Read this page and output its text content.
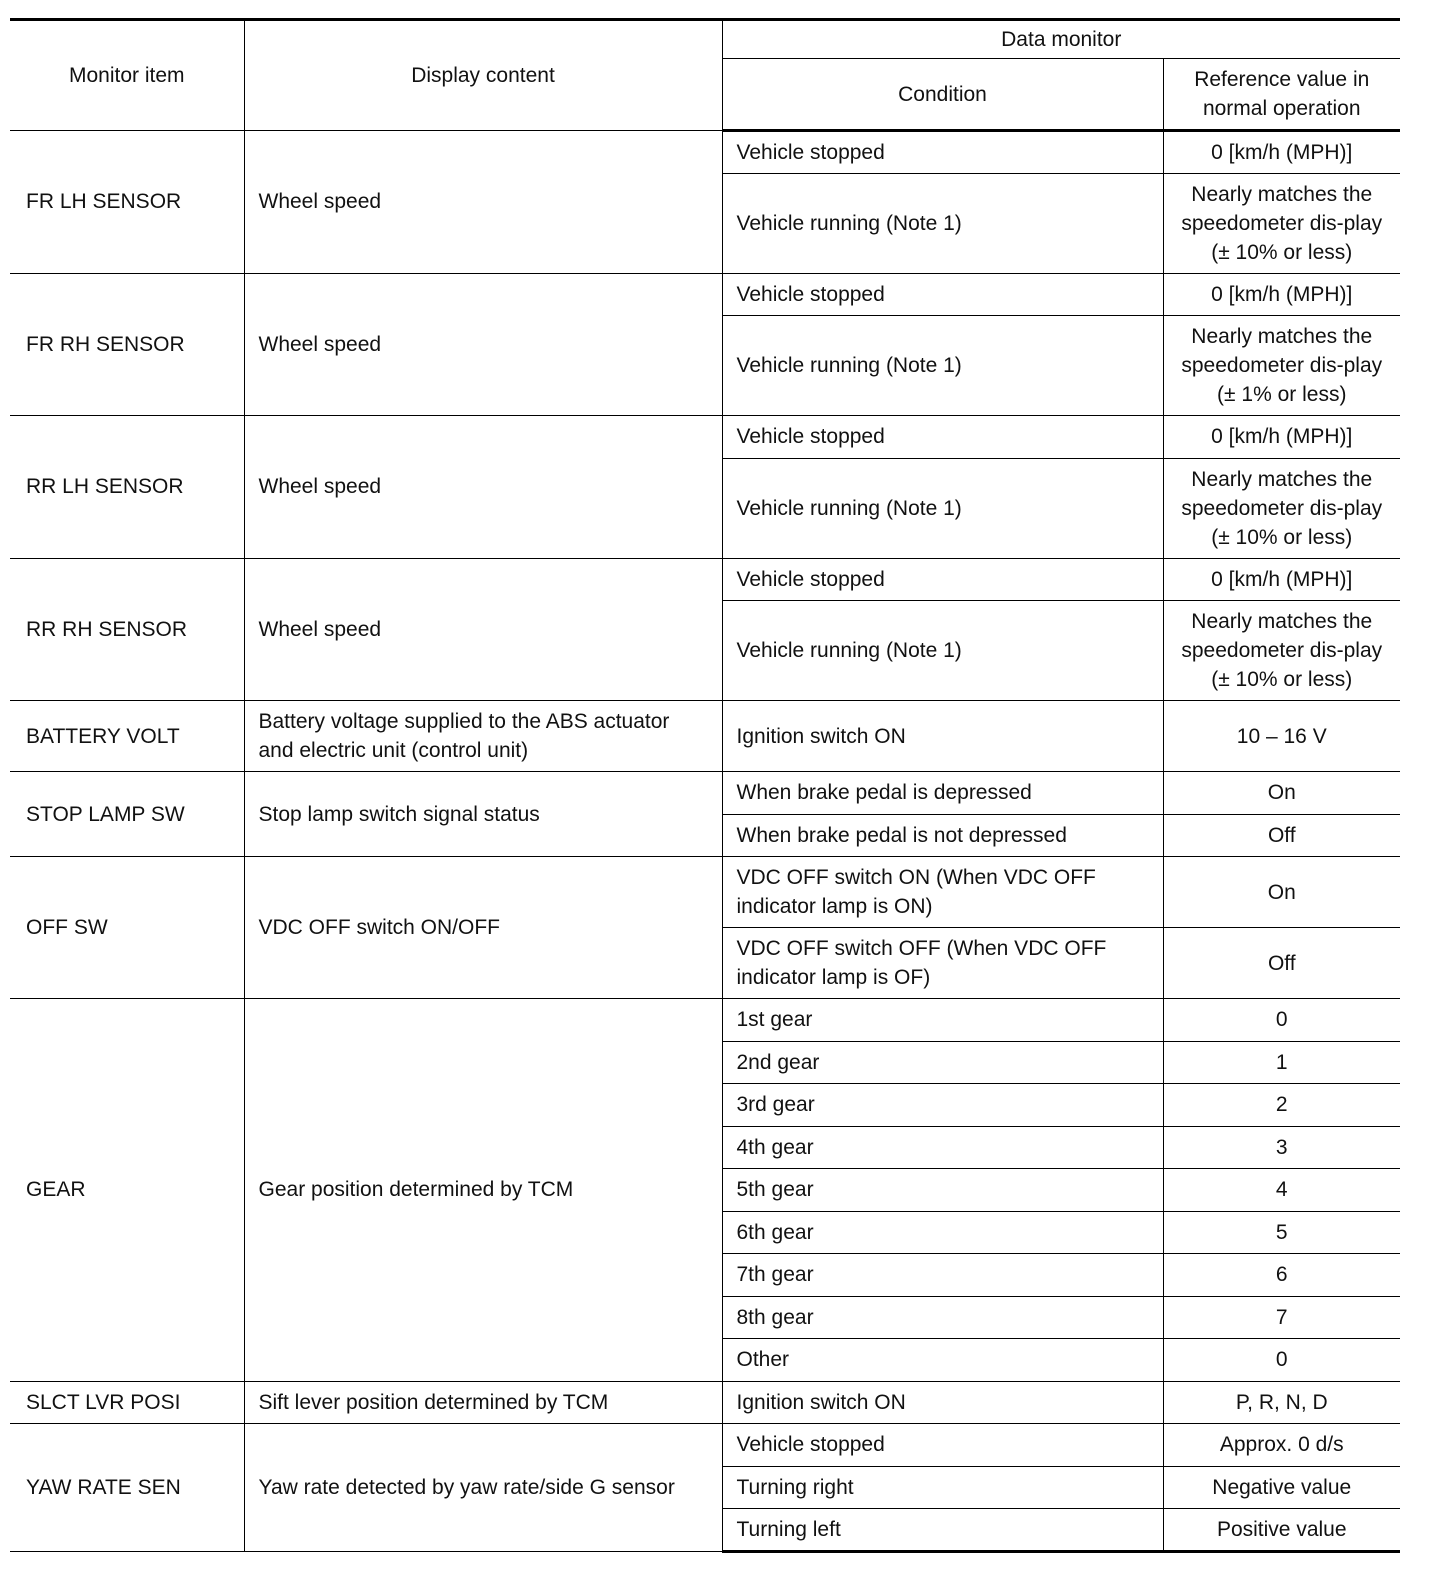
Monitor item	Display content	Data monitor	
		Condition	Reference value in normal operation
FR LH SENSOR	Wheel speed	Vehicle stopped	0 [km/h (MPH)]
		Vehicle running (Note 1)	Nearly matches the speedometer dis-play (± 10% or less)
FR RH SENSOR	Wheel speed	Vehicle stopped	0 [km/h (MPH)]
		Vehicle running (Note 1)	Nearly matches the speedometer dis-play (± 1% or less)
RR LH SENSOR	Wheel speed	Vehicle stopped	0 [km/h (MPH)]
		Vehicle running (Note 1)	Nearly matches the speedometer dis-play (± 10% or less)
RR RH SENSOR	Wheel speed	Vehicle stopped	0 [km/h (MPH)]
		Vehicle running (Note 1)	Nearly matches the speedometer dis-play (± 10% or less)
BATTERY VOLT	Battery voltage supplied to the ABS actuator and electric unit (control unit)	Ignition switch ON	10 – 16 V
STOP LAMP SW	Stop lamp switch signal status	When brake pedal is depressed	On
		When brake pedal is not depressed	Off
OFF SW	VDC OFF switch ON/OFF	VDC OFF switch ON (When VDC OFF indicator lamp is ON)	On
		VDC OFF switch OFF (When VDC OFF indicator lamp is OF)	Off
GEAR	Gear position determined by TCM	1st gear	0
		2nd gear	1
		3rd gear	2
		4th gear	3
		5th gear	4
		6th gear	5
		7th gear	6
		8th gear	7
		Other	0
SLCT LVR POSI	Sift lever position determined by TCM	Ignition switch ON	P, R, N, D
YAW RATE SEN	Yaw rate detected by yaw rate/side G sensor	Vehicle stopped	Approx. 0 d/s
		Turning right	Negative value
		Turning left	Positive value
